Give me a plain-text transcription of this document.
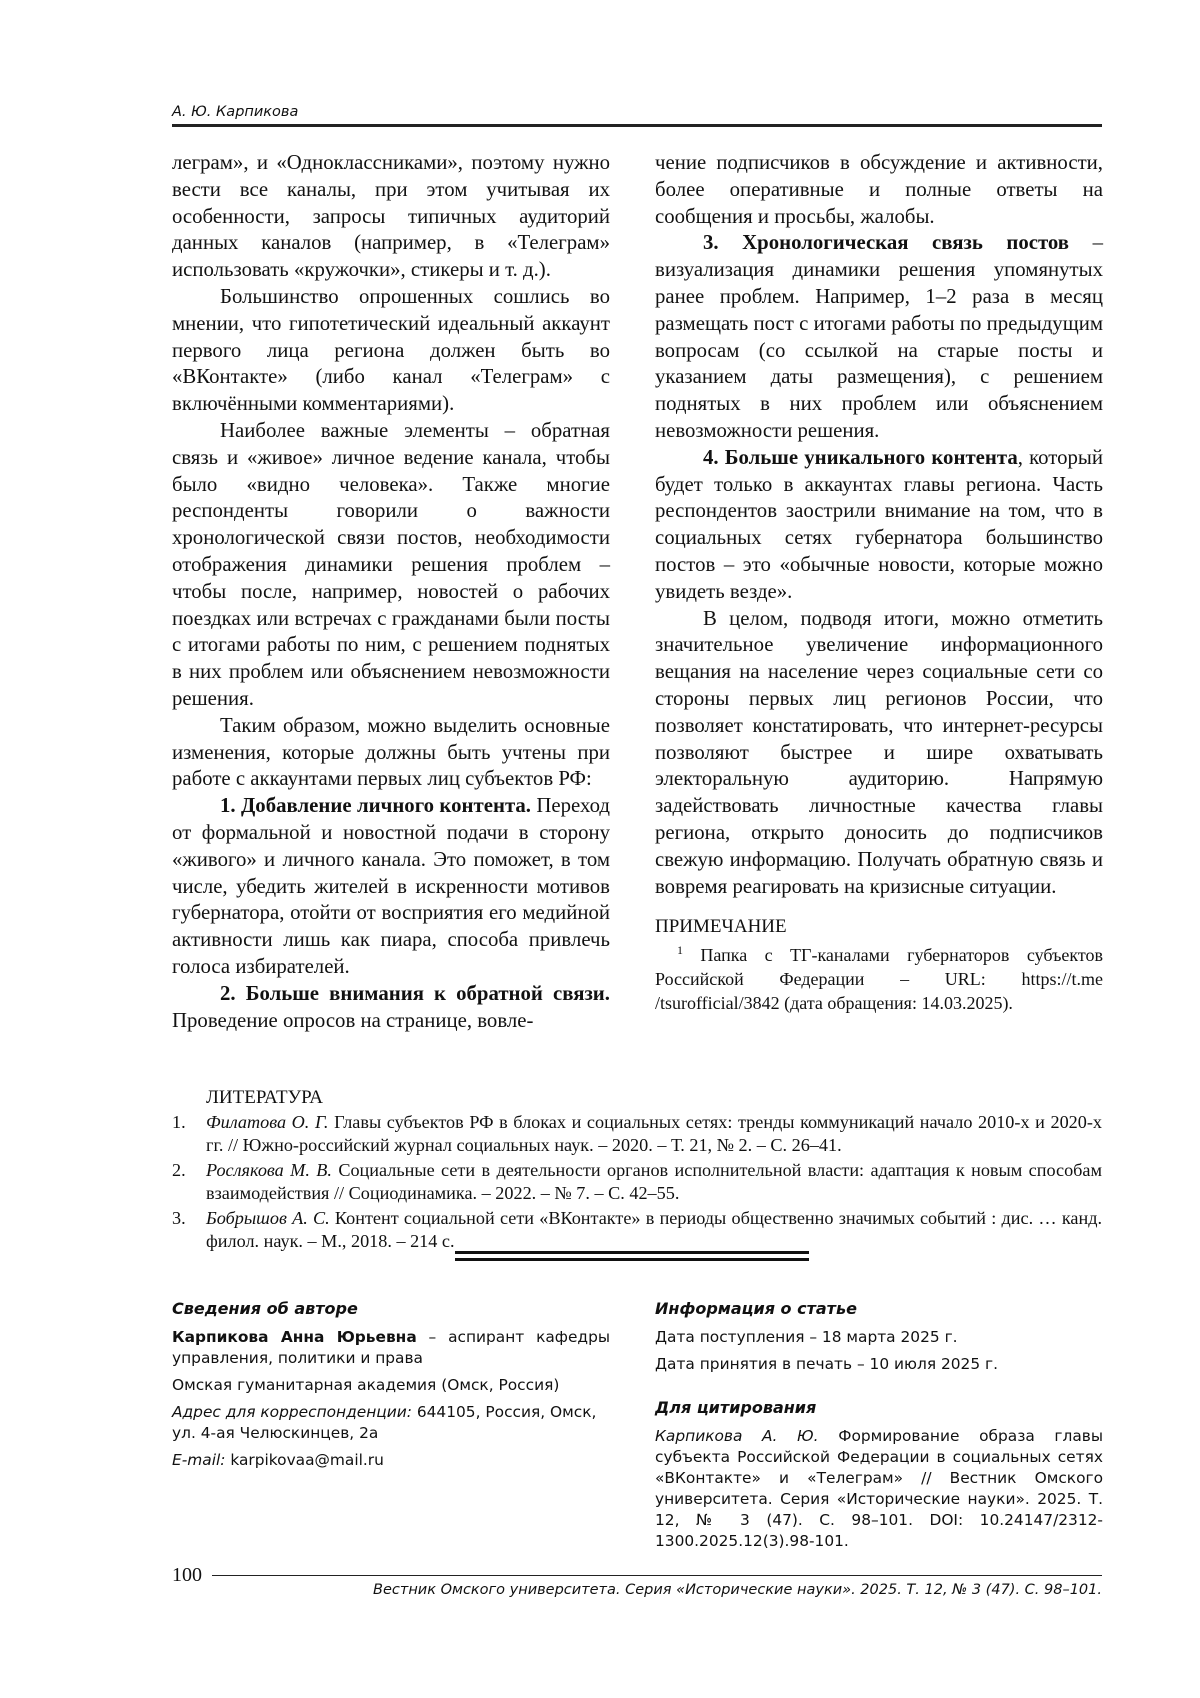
А. Ю. Карпикова

леграм», и «Одноклассниками», поэтому нужно вести все каналы, при этом учитывая их особенности, запросы типичных аудиторий данных каналов (например, в «Телеграм» использовать «кружочки», стикеры и т. д.).

Большинство опрошенных сошлись во мнении, что гипотетический идеальный аккаунт первого лица региона должен быть во «ВКонтакте» (либо канал «Телеграм» с включёнными комментариями).

Наиболее важные элементы – обратная связь и «живое» личное ведение канала, чтобы было «видно человека». Также многие респонденты говорили о важности хронологической связи постов, необходимости отображения динамики решения проблем – чтобы после, например, новостей о рабочих поездках или встречах с гражданами были посты с итогами работы по ним, с решением поднятых в них проблем или объяснением невозможности решения.

Таким образом, можно выделить основные изменения, которые должны быть учтены при работе с аккаунтами первых лиц субъектов РФ:

1. Добавление личного контента. Переход от формальной и новостной подачи в сторону «живого» и личного канала. Это поможет, в том числе, убедить жителей в искренности мотивов губернатора, отойти от восприятия его медийной активности лишь как пиара, способа привлечь голоса избирателей.

2. Больше внимания к обратной связи. Проведение опросов на странице, вовле-

чение подписчиков в обсуждение и активности, более оперативные и полные ответы на сообщения и просьбы, жалобы.

3. Хронологическая связь постов – визуализация динамики решения упомянутых ранее проблем. Например, 1–2 раза в месяц размещать пост с итогами работы по предыдущим вопросам (со ссылкой на старые посты и указанием даты размещения), с решением поднятых в них проблем или объяснением невозможности решения.

4. Больше уникального контента, который будет только в аккаунтах главы региона. Часть респондентов заострили внимание на том, что в социальных сетях губернатора большинство постов – это «обычные новости, которые можно увидеть везде».

В целом, подводя итоги, можно отметить значительное увеличение информационного вещания на население через социальные сети со стороны первых лиц регионов России, что позволяет констатировать, что интернет-ресурсы позволяют быстрее и шире охватывать электоральную аудиторию. Напрямую задействовать личностные качества главы региона, открыто доносить до подписчиков свежую информацию. Получать обратную связь и вовремя реагировать на кризисные ситуации.

ПРИМЕЧАНИЕ

$^1$ Папка с ТГ-каналами губернаторов субъектов Российской Федерации – URL: https://t.me /tsurofficial/3842 (дата обращения: 14.03.2025).

ЛИТЕРАТУРА

1. Филатова О. Г. Главы субъектов РФ в блоках и социальных сетях: тренды коммуникаций начало 2010-х и 2020-х гг. // Южно-российский журнал социальных наук. – 2020. – Т. 21, № 2. – С. 26–41.
2. Рослякова М. В. Социальные сети в деятельности органов исполнительной власти: адаптация к новым способам взаимодействия // Социодинамика. – 2022. – № 7. – С. 42–55.
3. Бобрышов А. С. Контент социальной сети «ВКонтакте» в периоды общественно значимых событий : дис. … канд. филол. наук. – М., 2018. – 214 с.
Сведения об авторе

Карпикова Анна Юрьевна – аспирант кафедры управления, политики и права

Омская гуманитарная академия (Омск, Россия)

Адрес для корреспонденции: 644105, Россия, Омск, ул. 4-ая Челюскинцев, 2а

E-mail: karpikovaa@mail.ru

Информация о статье

Дата поступления – 18 марта 2025 г.

Дата принятия в печать – 10 июля 2025 г.

Для цитирования

Карпикова А. Ю. Формирование образа главы субъекта Российской Федерации в социальных сетях «ВКонтакте» и «Телеграм» // Вестник Омского университета. Серия «Исторические науки». 2025. Т. 12, № 3 (47). С. 98–101. DOI: 10.24147/2312-1300.2025.12(3).98-101.

100
Вестник Омского университета. Серия «Исторические науки». 2025. Т. 12, № 3 (47). С. 98–101.
